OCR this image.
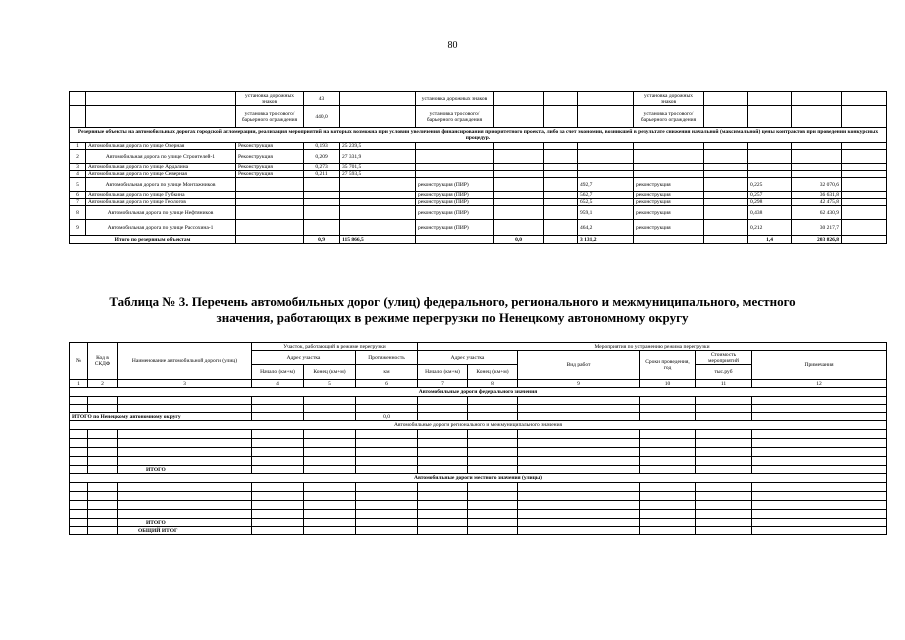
80
		установка дорожных знаков	43		установка дорожных знаков				установка дорожных знаков				
		установка тросового/барьерного ограждения	440,0		установка тросового/барьерного ограждения				установка тросового/барьерного ограждения				
Резервные объекты на автомобильных дорогах городской агломерации, реализация мероприятий на которых возможна при условии увеличения финансирования приоритетного проекта, либо за счет экономии, возникшей в результате снижения начальной (максимальной) цены контрактов при проведении конкурсных процедур.													
1	Автомобильная дорога по улице Озерная	Реконструкция	0,193	25 239,5									
2	Автомобильная дорога по улице Строителей-1	Реконструкция	0,209	27 331,9									
3	Автомобильная дорога по улице Ардалина	Реконструкция	0,273	35 701,5									
4	Автомобильная дорога по улице Северная	Реконструкция	0,211	27 593,5									
5	Автомобильная дорога по улице Монтажников				реконструкция (ПИР)			492,7	реконструкция		0,225	32 070,6	
6	Автомобильная дорога по улице Губкина				реконструкция (ПИР)			562,7	реконструкция		0,257	36 631,8	
7	Автомобильная дорога по улице Геологов				реконструкция (ПИР)			652,5	реконструкция		0,298	42 475,8	
8	Автомобильная дорога по улице Нефтяников				реконструкция (ПИР)			959,1	реконструкция		0,438	62 430,9	
9	Автомобильная дорога по улице Рассохина-1				реконструкция (ПИР)			464,2	реконструкция		0,212	30 217,7	
Итого по резервным объектам			0,9	115 866,5		0,0		3 131,2			1,4	203 826,8	
Таблица № 3. Перечень автомобильных дорог (улиц) федерального, регионального и межмуниципального, местного значения, работающих в режиме перегрузки по Ненецкому автономному округу
№	Код в СКДФ	Наименование автомобильной дороги (улиц)	Участок, работающий в режиме перегрузки			Мероприятия по устранению режима перегрузки					
			Адрес участка		Протяженность	Адрес участка		Вид работ	Сроки проведения, год	Стоимость мероприятий	Примечания
			Начало (км+м)	Конец (км+м)	км	Начало (км+м)	Конец (км+м)			тыс.руб	
1	2	3	4	5	6	7	8	9	10	11	12
Автомобильные дороги федерального значения											

ИТОГО по Ненецкому автономному округу					0,0						
Автомобильные дороги регионального и межмуниципального значения											

		ИТОГО									
Автомобильные дороги местного значения (улицы)											

		ИТОГО									
		ОБЩИЙ ИТОГ									
